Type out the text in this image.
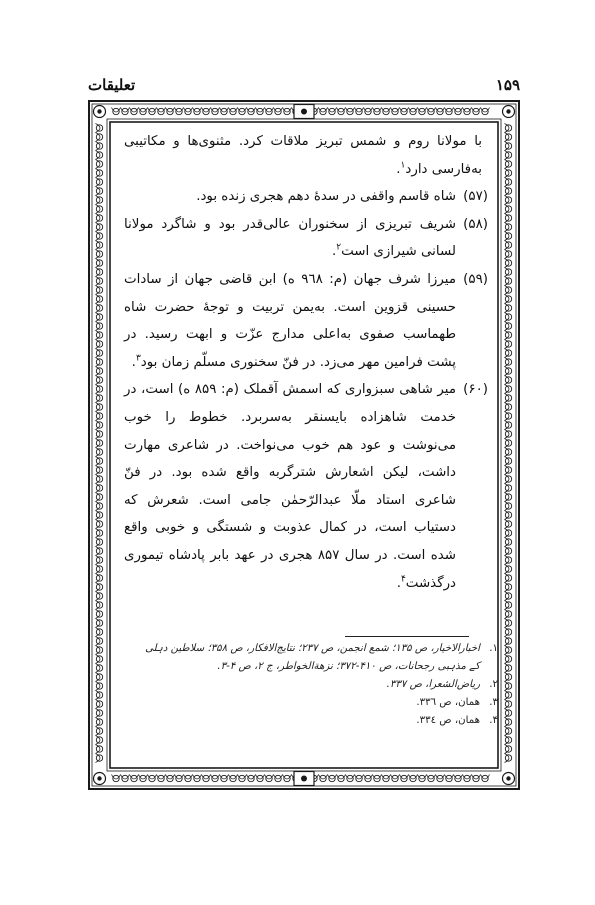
۱۵۹
تعلیقات

با مولانا روم و شمس تبریز ملاقات کرد. مثنوی‌ها و مکاتیبی به‌فارسی دارد$^۱$.

(۵۷)
شاه قاسم واقفی در سدهٔ دهم هجری زنده بود.

(۵۸)
شریف تبریزی از سخنوران عالی‌قدر بود و شاگرد مولانا لسانی شیرازی است$^۲$.

(۵۹)
میرزا شرف جهان (م: ۹٦۸ ه) ابن قاضی جهان از سادات حسینی قزوین است. به‌یمن تربیت و توجهٔ حضرت شاه طهماسب صفوی به‌اعلی مدارج عزّت و ابهت رسید. در پشت فرامین مهر می‌زد. در فنّ سخنوری مسلّم زمان بود$^۳$.

(۶۰)
میر شاهی سبزواری که اسمش آقملک (م: ۸۵۹ ه) است، در خدمت شاهزاده بایسنقر به‌سربرد. خطوط را خوب می‌نوشت و عود هم خوب می‌نواخت. در شاعری مهارت داشت، لیکن اشعارش شترگربه واقع شده بود. در فنّ شاعری استاد ملّا عبدالرّحمٰن جامی است. شعرش که دستیاب است، در کمال عذوبت و شستگی و خوبی واقع شده است. در سال ۸۵۷ هجری در عهد بابر پادشاه تیموری درگذشت$^۴$.

۱.
اخبارالاخیار، ص ۱۳۵؛ شمع انجمن، ص ۲۳۷؛ نتایج‌الافکار، ص ۳۵۸؛ سلاطین دہلی
کے مذہبی رجحانات، ص ۴۱۰-۳۷۲؛ نزهةالخواطر، ج ۲، ص ۴-۳.
۲.
ریاض‌الشعرا، ص ۳۳۷.
۳.
همان، ص ۳۳٦.
۴.
همان، ص ۳۳٤.
